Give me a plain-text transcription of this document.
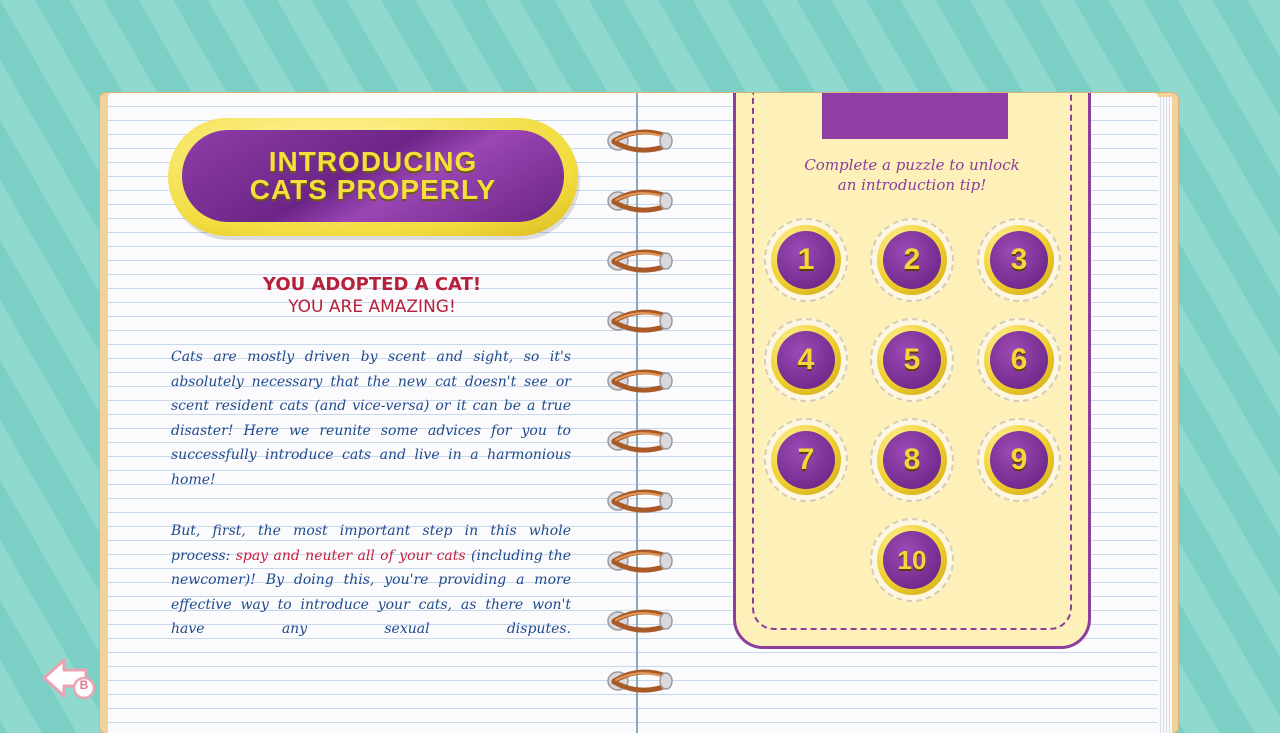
INTRODUCING
CATS PROPERLY
YOU ADOPTED A CAT!
YOU ARE AMAZING!
Cats are mostly driven by scent and sight, so it's absolutely necessary that the new cat doesn't see or scent resident cats (and vice-versa) or it can be a true disaster! Here we reunite some advices for you to successfully introduce cats and live in a harmonious home!
But, first, the most important step in this whole process: spay and neuter all of your cats (including the newcomer)! By doing this, you're providing a more effective way to introduce your cats, as there won't have any sexual disputes.
Complete a puzzle to unlock
an introduction tip!
1	2	3
4	5	6
7	8	9
10
B
